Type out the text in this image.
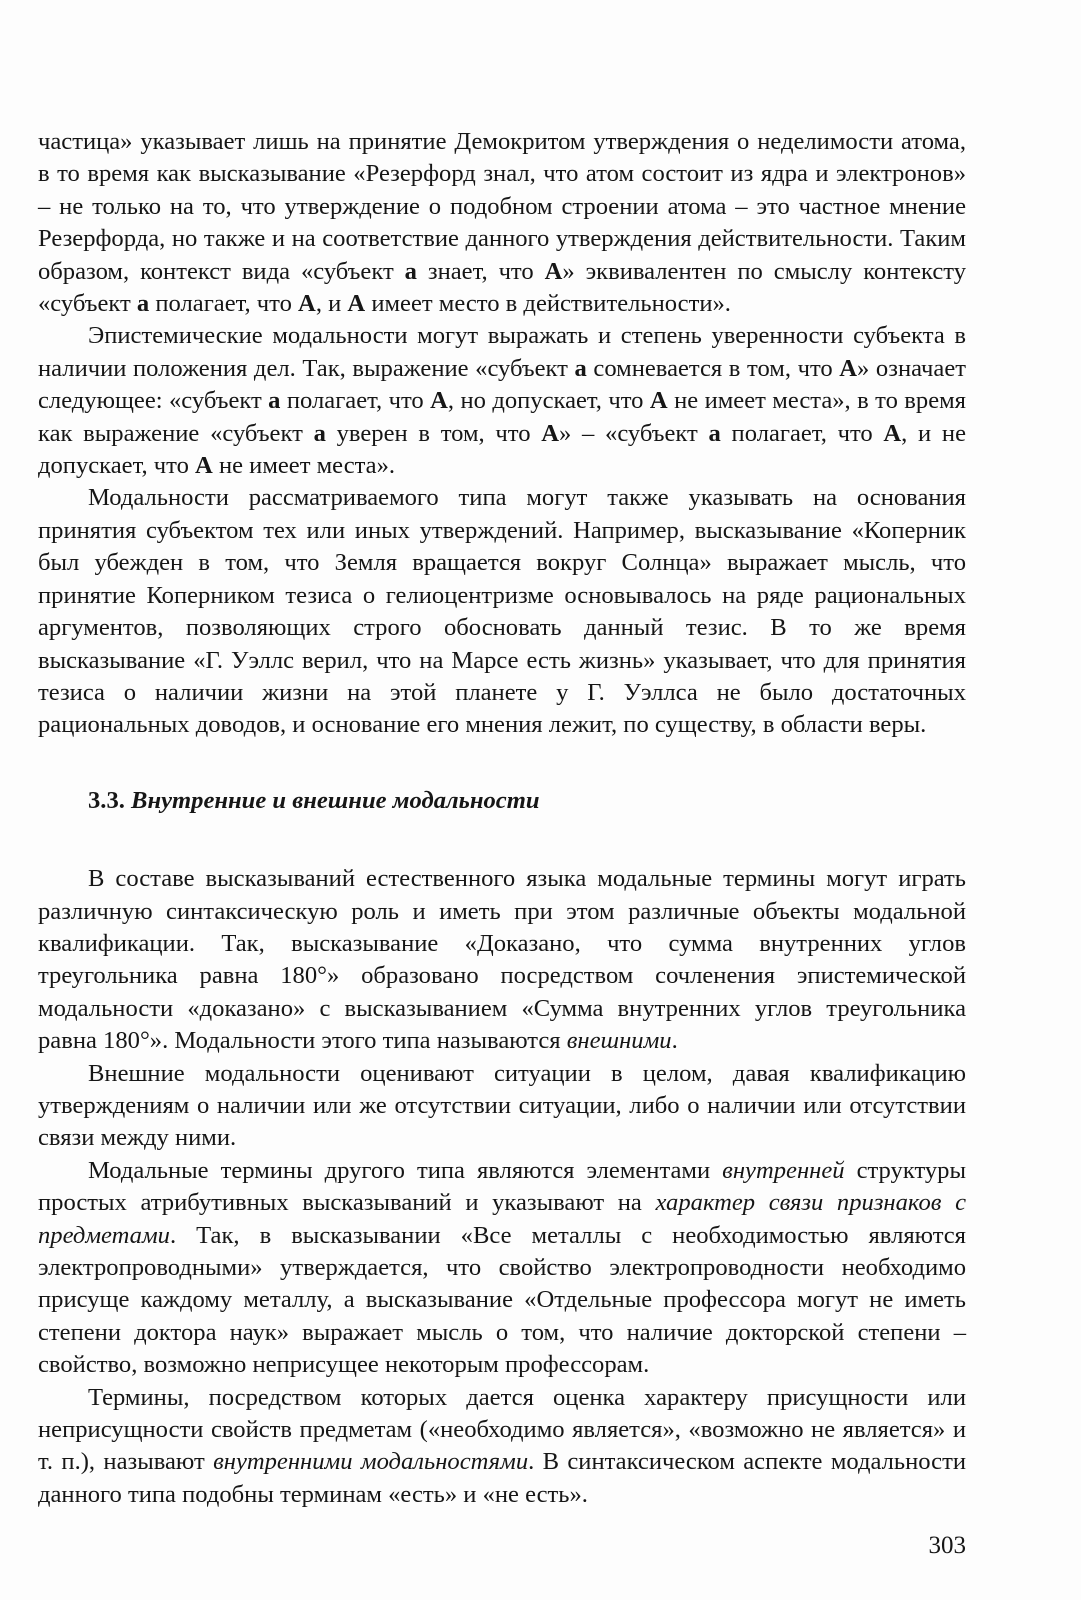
частица» указывает лишь на принятие Демокритом утверждения о неделимости атома, в то время как высказывание «Резерфорд знал, что атом состоит из ядра и электронов» – не только на то, что утверждение о подобном строении атома – это частное мнение Резерфорда, но также и на соответствие данного утверждения действительности. Таким образом, контекст вида «субъект а знает, что А» эквивалентен по смыслу контексту «субъект а полагает, что А, и А имеет место в действительности».

Эпистемические модальности могут выражать и степень уверенности субъекта в наличии положения дел. Так, выражение «субъект а сомневается в том, что А» означает следующее: «субъект а полагает, что А, но допускает, что А не имеет места», в то время как выражение «субъект а уверен в том, что А» – «субъект а полагает, что А, и не допускает, что А не имеет места».

Модальности рассматриваемого типа могут также указывать на основания принятия субъектом тех или иных утверждений. Например, высказывание «Коперник был убежден в том, что Земля вращается вокруг Солнца» выражает мысль, что принятие Коперником тезиса о гелиоцентризме основывалось на ряде рациональных аргументов, позволяющих строго обосновать данный тезис. В то же время высказывание «Г. Уэллс верил, что на Марсе есть жизнь» указывает, что для принятия тезиса о наличии жизни на этой планете у Г. Уэллса не было достаточных рациональных доводов, и основание его мнения лежит, по существу, в области веры.

3.3. Внутренние и внешние модальности

В составе высказываний естественного языка модальные термины могут играть различную синтаксическую роль и иметь при этом различные объекты модальной квалификации. Так, высказывание «Доказано, что сумма внутренних углов треугольника равна 180°» образовано посредством сочленения эпистемической модальности «доказано» с высказыванием «Сумма внутренних углов треугольника равна 180°». Модальности этого типа называются внешними.

Внешние модальности оценивают ситуации в целом, давая квалификацию утверждениям о наличии или же отсутствии ситуации, либо о наличии или отсутствии связи между ними.

Модальные термины другого типа являются элементами внутренней структуры простых атрибутивных высказываний и указывают на характер связи признаков с предметами. Так, в высказывании «Все металлы с необходимостью являются электропроводными» утверждается, что свойство электропроводности необходимо присуще каждому металлу, а высказывание «Отдельные профессора могут не иметь степени доктора наук» выражает мысль о том, что наличие докторской степени – свойство, возможно неприсущее некоторым профессорам.

Термины, посредством которых дается оценка характеру присущности или неприсущности свойств предметам («необходимо является», «возможно не является» и т. п.), называют внутренними модальностями. В синтаксическом аспекте модальности данного типа подобны терминам «есть» и «не есть».

303
